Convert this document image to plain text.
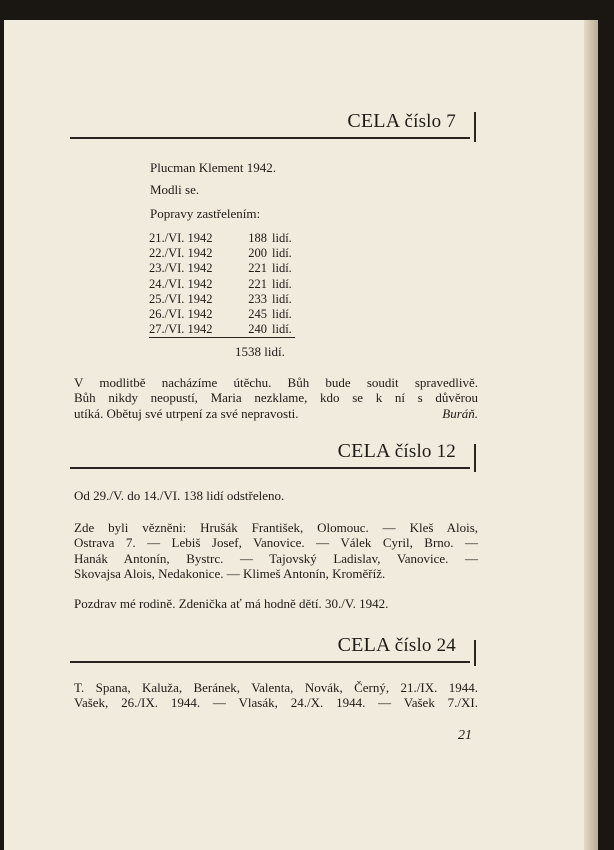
CELA číslo 7
Plucman Klement 1942.
Modli se.
Popravy zastřelením:
21./VI. 1942	188 lidí.
22./VI. 1942	200 lidí.
23./VI. 1942	221 lidí.
24./VI. 1942	221 lidí.
25./VI. 1942	233 lidí.
26./VI. 1942	245 lidí.
27./VI. 1942	240 lidí.
1538 lidí.
V modlitbě nacházíme útěchu. Bůh bude soudit spravedlivě.
Bůh nikdy neopustí, Maria nezklame, kdo se k ní s důvěrou
utíká. Obětuj své utrpení za své nepravosti.	Buráň.
CELA číslo 12
Od 29./V. do 14./VI. 138 lidí odstřeleno.
Zde byli vězněni: Hrušák František, Olomouc. — Kleš Alois,
Ostrava 7. — Lebiš Josef, Vanovice. — Válek Cyril, Brno. —
Hanák Antonín, Bystrc. — Tajovský Ladislav, Vanovice. —
Skovajsa Alois, Nedakonice. — Klimeš Antonín, Kroměříž.
Pozdrav mé rodině. Zdenička ať má hodně dětí. 30./V. 1942.
CELA číslo 24
T. Spana, Kaluža, Beránek, Valenta, Novák, Černý, 21./IX. 1944.
Vašek, 26./IX. 1944. — Vlasák, 24./X. 1944. — Vašek 7./XI.
21
